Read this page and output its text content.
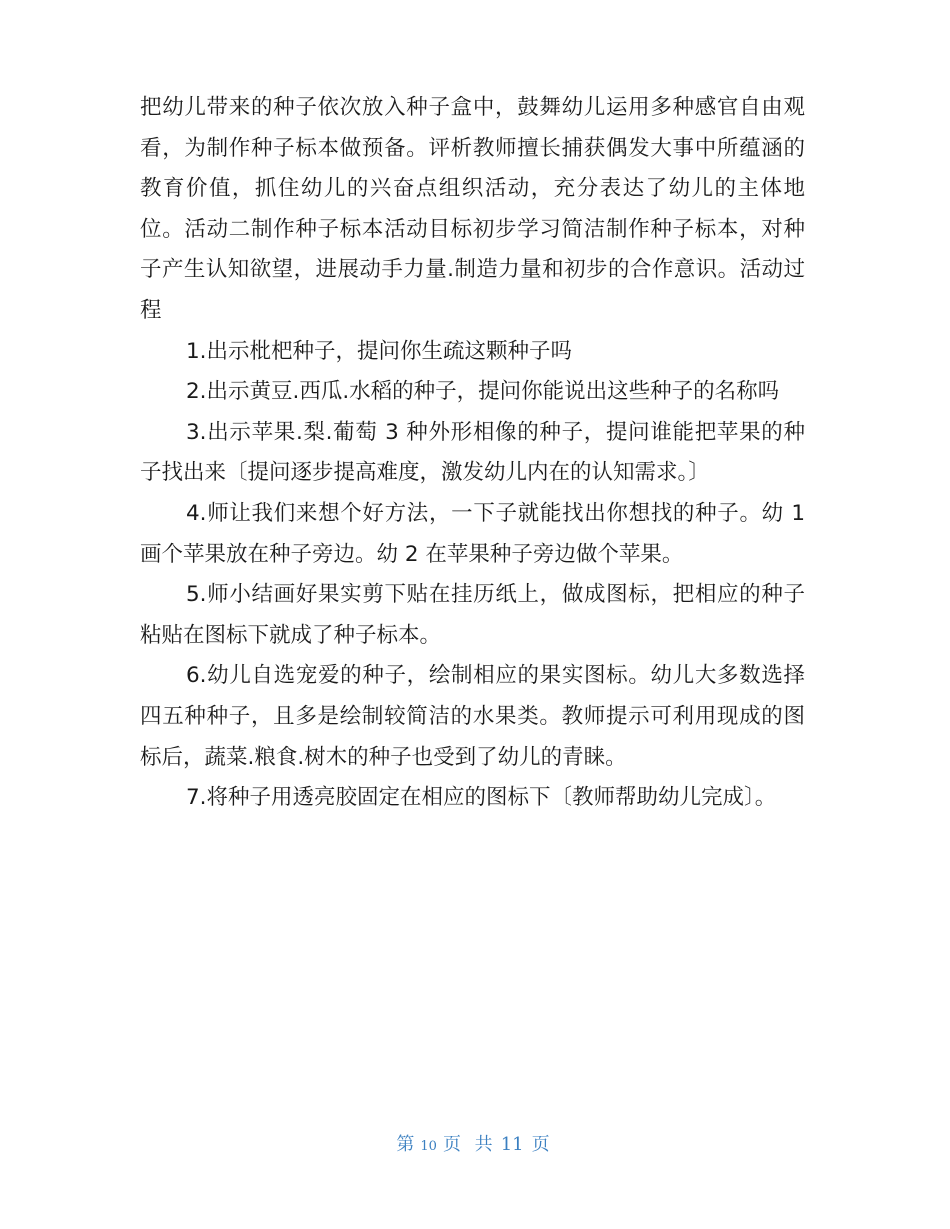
把幼儿带来的种子依次放入种子盒中，鼓舞幼儿运用多种感官自由观看，为制作种子标本做预备。评析教师擅长捕获偶发大事中所蕴涵的教育价值，抓住幼儿的兴奋点组织活动，充分表达了幼儿的主体地位。活动二制作种子标本活动目标初步学习简洁制作种子标本，对种子产生认知欲望，进展动手力量.制造力量和初步的合作意识。活动过程

1.出示枇杷种子，提问你生疏这颗种子吗

2.出示黄豆.西瓜.水稻的种子，提问你能说出这些种子的名称吗

3.出示苹果.梨.葡萄 3 种外形相像的种子，提问谁能把苹果的种子找出来〔提问逐步提高难度，激发幼儿内在的认知需求。〕

4.师让我们来想个好方法，一下子就能找出你想找的种子。幼 1 画个苹果放在种子旁边。幼 2 在苹果种子旁边做个苹果。

5.师小结画好果实剪下贴在挂历纸上，做成图标，把相应的种子粘贴在图标下就成了种子标本。

6.幼儿自选宠爱的种子，绘制相应的果实图标。幼儿大多数选择四五种种子，且多是绘制较简洁的水果类。教师提示可利用现成的图标后，蔬菜.粮食.树木的种子也受到了幼儿的青睐。

7.将种子用透亮胶固定在相应的图标下〔教师帮助幼儿完成〕。

第 10 页 共 11 页
